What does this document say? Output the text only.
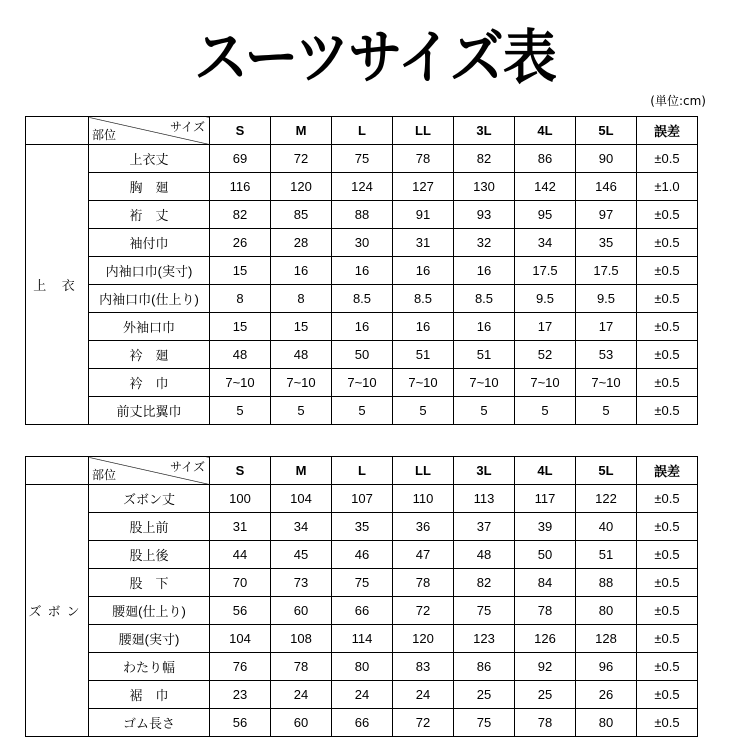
スーツサイズ表
(単位:cm)

	サイズ
部位	S	M	L	LL	3L	4L	5L	誤差
上 衣	上衣丈	69	72	75	78	82	86	90	±0.5
	胸　廻	116	120	124	127	130	142	146	±1.0
	裄　丈	82	85	88	91	93	95	97	±0.5
	袖付巾	26	28	30	31	32	34	35	±0.5
	内袖口巾(実寸)	15	16	16	16	16	17.5	17.5	±0.5
	内袖口巾(仕上り)	8	8	8.5	8.5	8.5	9.5	9.5	±0.5
	外袖口巾	15	15	16	16	16	17	17	±0.5
	衿　廻	48	48	50	51	51	52	53	±0.5
	衿　巾	7~10	7~10	7~10	7~10	7~10	7~10	7~10	±0.5
	前丈比翼巾	5	5	5	5	5	5	5	±0.5

	サイズ
部位	S	M	L	LL	3L	4L	5L	誤差
ズボン	ズボン丈	100	104	107	110	113	117	122	±0.5
	股上前	31	34	35	36	37	39	40	±0.5
	股上後	44	45	46	47	48	50	51	±0.5
	股　下	70	73	75	78	82	84	88	±0.5
	腰廻(仕上り)	56	60	66	72	75	78	80	±0.5
	腰廻(実寸)	104	108	114	120	123	126	128	±0.5
	わたり幅	76	78	80	83	86	92	96	±0.5
	裾　巾	23	24	24	24	25	25	26	±0.5
	ゴム長さ	56	60	66	72	75	78	80	±0.5
